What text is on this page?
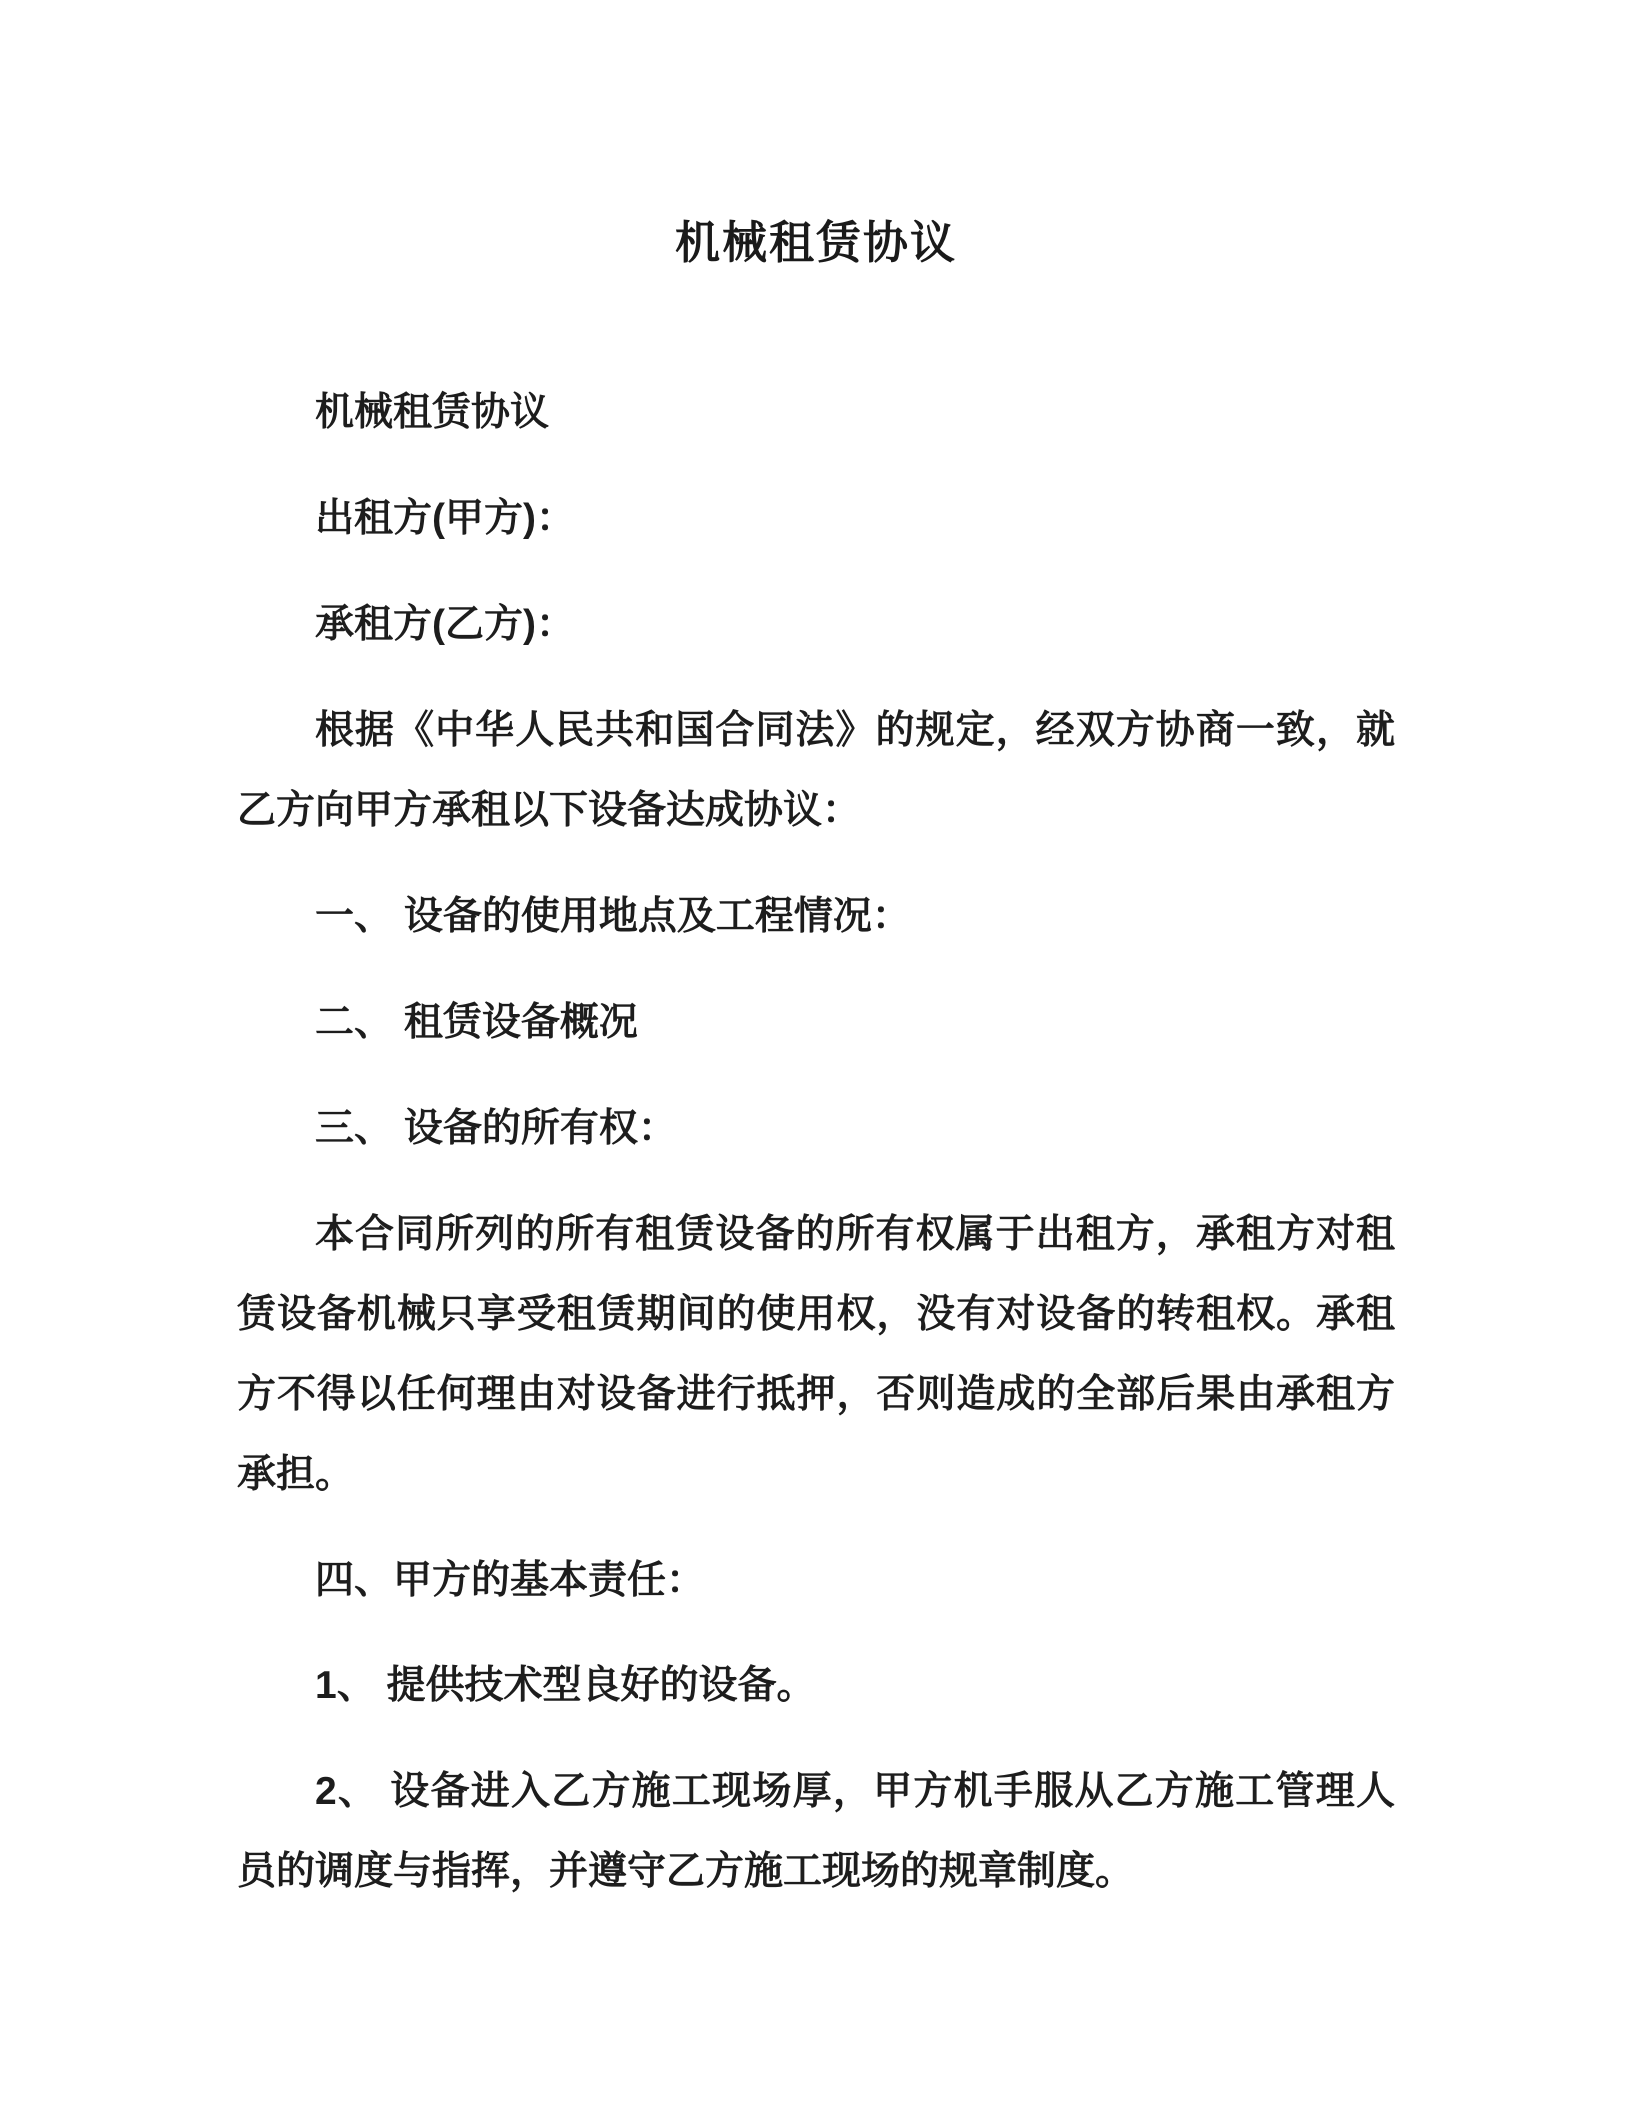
机械租赁协议

机械租赁协议

出租方(甲方)：

承租方(乙方)：

根据《中华人民共和国合同法》的规定，经双方协商一致，就乙方向甲方承租以下设备达成协议：

一、 设备的使用地点及工程情况：

二、 租赁设备概况

三、 设备的所有权：

本合同所列的所有租赁设备的所有权属于出租方，承租方对租赁设备机械只享受租赁期间的使用权，没有对设备的转租权。承租方不得以任何理由对设备进行抵押，否则造成的全部后果由承租方承担。

四、甲方的基本责任：

1、 提供技术型良好的设备。

2、 设备进入乙方施工现场厚，甲方机手服从乙方施工管理人员的调度与指挥，并遵守乙方施工现场的规章制度。
